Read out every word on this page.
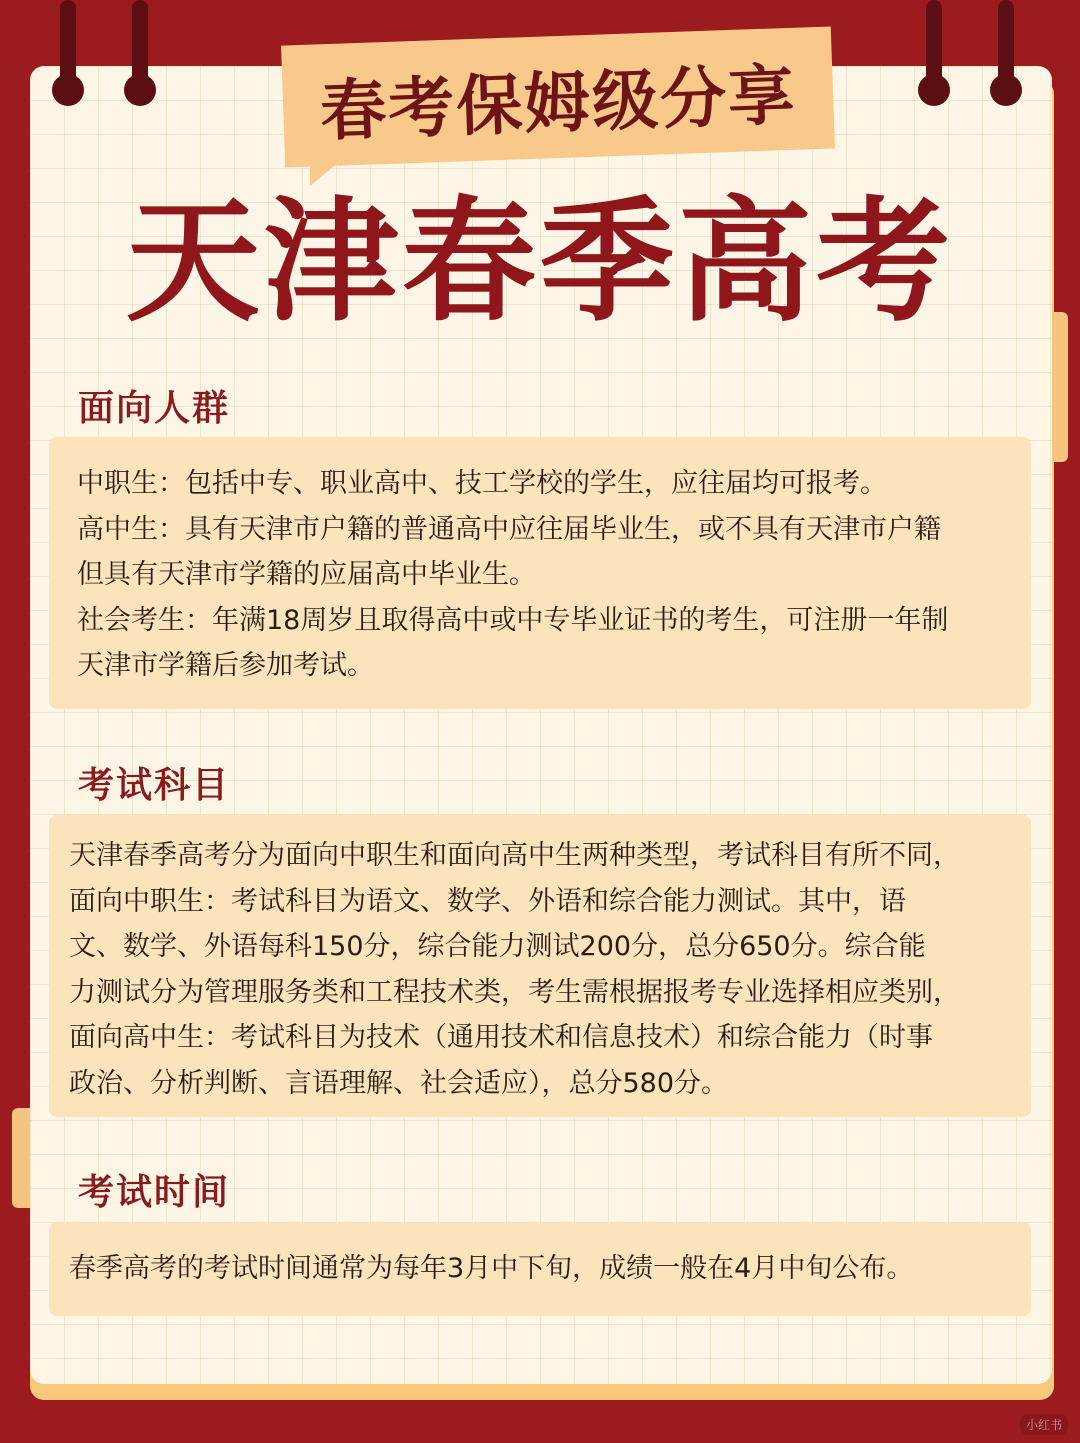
春考保姆级分享
天津春季高考
面向人群

中职生：包括中专、职业高中、技工学校的学生，应往届均可报考。

高中生：具有天津市户籍的普通高中应往届毕业生，或不具有天津市户籍

但具有天津市学籍的应届高中毕业生。

社会考生：年满18周岁且取得高中或中专毕业证书的考生，可注册一年制

天津市学籍后参加考试。

考试科目

天津春季高考分为面向中职生和面向高中生两种类型，考试科目有所不同，

面向中职生：考试科目为语文、数学、外语和综合能力测试。其中，语

文、数学、外语每科150分，综合能力测试200分，总分650分。综合能

力测试分为管理服务类和工程技术类，考生需根据报考专业选择相应类别，

面向高中生：考试科目为技术（通用技术和信息技术）和综合能力（时事

政治、分析判断、言语理解、社会适应），总分580分。

考试时间

春季高考的考试时间通常为每年3月中下旬，成绩一般在4月中旬公布。

小红书
